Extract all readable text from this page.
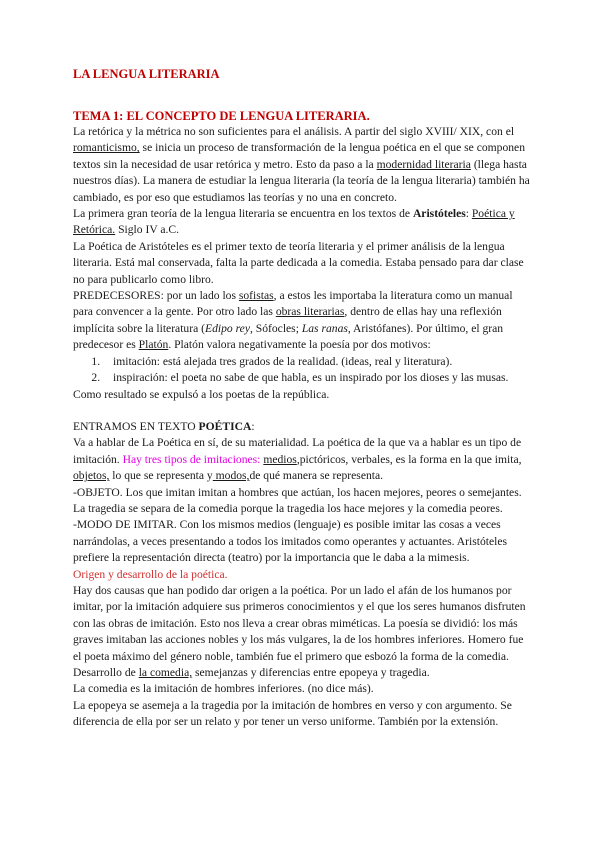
LA LENGUA LITERARIA
TEMA 1: EL CONCEPTO DE LENGUA LITERARIA.

La retórica y la métrica no son suficientes para el análisis. A partir del siglo XVIII/ XIX, con el romanticismo, se inicia un proceso de transformación de la lengua poética en el que se componen textos sin la necesidad de usar retórica y metro. Esto da paso a la modernidad literaria (llega hasta nuestros días). La manera de estudiar la lengua literaria (la teoría de la lengua literaria) también ha cambiado, es por eso que estudiamos las teorías y no una en concreto.

La primera gran teoría de la lengua literaria se encuentra en los textos de Aristóteles: Poética y Retórica. Siglo IV a.C.

La Poética de Aristóteles es el primer texto de teoría literaria y el primer análisis de la lengua literaria. Está mal conservada, falta la parte dedicada a la comedia. Estaba pensado para dar clase no para publicarlo como libro.

PREDECESORES: por un lado los sofistas, a estos les importaba la literatura como un manual para convencer a la gente. Por otro lado las obras literarias, dentro de ellas hay una reflexión implícita sobre la literatura (Edipo rey, Sófocles; Las ranas, Aristófanes). Por último, el gran predecesor es Platón. Platón valora negativamente la poesía por dos motivos:

1. imitación: está alejada tres grados de la realidad. (ideas, real y literatura).
2. inspiración: el poeta no sabe de que habla, es un inspirado por los dioses y las musas.

Como resultado se expulsó a los poetas de la república.

ENTRAMOS EN TEXTO POÉTICA:

Va a hablar de La Poética en sí, de su materialidad. La poética de la que va a hablar es un tipo de imitación. Hay tres tipos de imitaciones: medios,pictóricos, verbales, es la forma en la que imita, objetos, lo que se representa y modos,de qué manera se representa.

-OBJETO. Los que imitan imitan a hombres que actúan, los hacen mejores, peores o semejantes. La tragedia se separa de la comedia porque la tragedia los hace mejores y la comedia peores.

-MODO DE IMITAR. Con los mismos medios (lenguaje) es posible imitar las cosas a veces narrándolas, a veces presentando a todos los imitados como operantes y actuantes. Aristóteles prefiere la representación directa (teatro) por la importancia que le daba a la mimesis.

Origen y desarrollo de la poética.

Hay dos causas que han podido dar origen a la poética. Por un lado el afán de los humanos por imitar, por la imitación adquiere sus primeros conocimientos y el que los seres humanos disfruten con las obras de imitación. Esto nos lleva a crear obras miméticas. La poesía se dividió: los más graves imitaban las acciones nobles y los más vulgares, la de los hombres inferiores. Homero fue el poeta máximo del género noble, también fue el primero que esbozó la forma de la comedia.

Desarrollo de la comedia, semejanzas y diferencias entre epopeya y tragedia.

La comedia es la imitación de hombres inferiores. (no dice más).

La epopeya se asemeja a la tragedia por la imitación de hombres en verso y con argumento. Se diferencia de ella por ser un relato y por tener un verso uniforme. También por la extensión.
